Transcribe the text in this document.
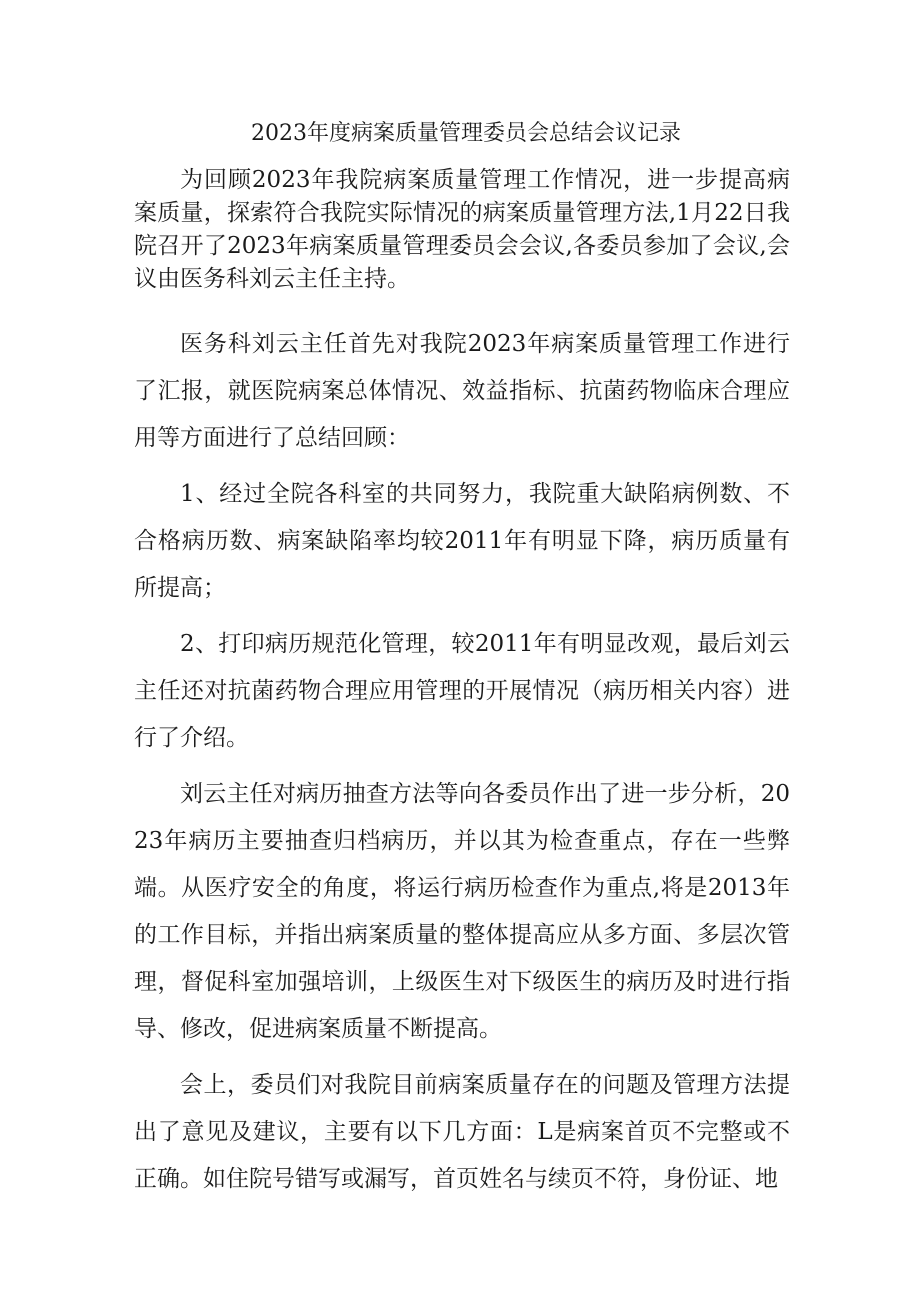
2023年度病案质量管理委员会总结会议记录

为回顾2023年我院病案质量管理工作情况，进一步提高病案质量，探索符合我院实际情况的病案质量管理方法,1月22日我院召开了2023年病案质量管理委员会会议,各委员参加了会议,会议由医务科刘云主任主持。

医务科刘云主任首先对我院2023年病案质量管理工作进行了汇报，就医院病案总体情况、效益指标、抗菌药物临床合理应用等方面进行了总结回顾：

1、经过全院各科室的共同努力，我院重大缺陷病例数、不合格病历数、病案缺陷率均较2011年有明显下降，病历质量有所提高；

2、打印病历规范化管理，较2011年有明显改观，最后刘云主任还对抗菌药物合理应用管理的开展情况（病历相关内容）进行了介绍。

刘云主任对病历抽查方法等向各委员作出了进一步分析，2023年病历主要抽查归档病历，并以其为检查重点，存在一些弊端。从医疗安全的角度，将运行病历检查作为重点,将是2013年的工作目标，并指出病案质量的整体提高应从多方面、多层次管理，督促科室加强培训，上级医生对下级医生的病历及时进行指导、修改，促进病案质量不断提高。

会上，委员们对我院目前病案质量存在的问题及管理方法提出了意见及建议，主要有以下几方面：L是病案首页不完整或不正确。如住院号错写或漏写，首页姓名与续页不符，身份证、地
